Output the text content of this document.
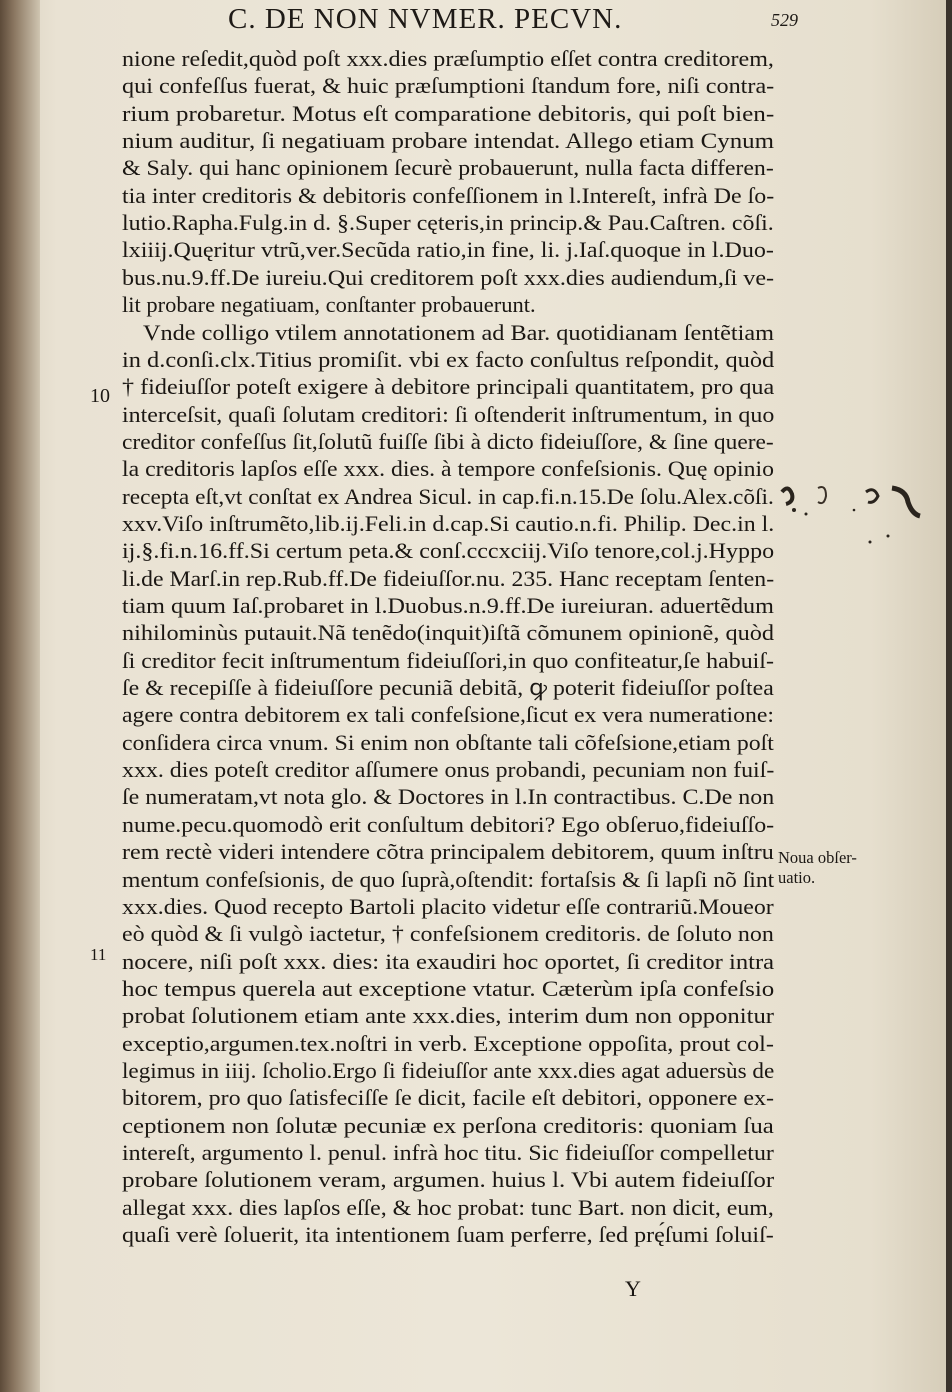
C. DE NON NVMER. PECVN.	529
nione reſedit,quòd poſt xxx.dies præſumptio eſſet contra creditorem,
qui confeſſus fuerat, & huic præſumptioni ſtandum fore, niſi contra-
rium probaretur. Motus eſt comparatione debitoris, qui poſt bien-
nium auditur, ſi negatiuam probare intendat. Allego etiam Cynum
& Saly. qui hanc opinionem ſecurè probauerunt, nulla facta differen-
tia inter creditoris & debitoris confeſſionem in l.Intereſt, infrà De ſo-
lutio.Rapha.Fulg.in d. §.Super cęteris,in princip.& Pau.Caſtren. cõſi.
lxiiij.Quęritur vtrũ,ver.Secũda ratio,in fine, li. j.Iaſ.quoque in l.Duo-
bus.nu.9.ff.De iureiu.Qui creditorem poſt xxx.dies audiendum,ſi ve-
lit probare negatiuam, conſtanter probauerunt.
Vnde colligo vtilem annotationem ad Bar. quotidianam ſentẽtiam
in d.conſi.clx.Titius promiſit. vbi ex facto conſultus reſpondit, quòd
† fideiuſſor poteſt exigere à debitore principali quantitatem, pro qua
interceſsit, quaſi ſolutam creditori: ſi oſtenderit inſtrumentum, in quo
creditor confeſſus ſit,ſolutũ fuiſſe ſibi à dicto fideiuſſore, & ſine quere-
la creditoris lapſos eſſe xxx. dies. à tempore confeſsionis. Quę opinio
recepta eſt,vt conſtat ex Andrea Sicul. in cap.fi.n.15.De ſolu.Alex.cõſi.
xxv.Viſo inſtrumẽto,lib.ij.Feli.in d.cap.Si cautio.n.fi. Philip. Dec.in l.
ij.§.fi.n.16.ff.Si certum peta.& conſ.cccxciij.Viſo tenore,col.j.Hyppo
li.de Marſ.in rep.Rub.ff.De fideiuſſor.nu. 235. Hanc receptam ſenten-
tiam quum Iaſ.probaret in l.Duobus.n.9.ff.De iureiuran. aduertẽdum
nihilominùs putauit.Nã tenẽdo(inquit)iſtã cõmunem opinionẽ, quòd
ſi creditor fecit inſtrumentum fideiuſſori,in quo confiteatur,ſe habuiſ-
ſe & recepiſſe à fideiuſſore pecuniã debitã, ꝙ poterit fideiuſſor poſtea
agere contra debitorem ex tali confeſsione,ſicut ex vera numeratione:
conſidera circa vnum. Si enim non obſtante tali cõfeſsione,etiam poſt
xxx. dies poteſt creditor aſſumere onus probandi, pecuniam non fuiſ-
ſe numeratam,vt nota glo. & Doctores in l.In contractibus. C.De non
nume.pecu.quomodò erit conſultum debitori? Ego obſeruo,fideiuſſo-
rem rectè videri intendere cõtra principalem debitorem, quum inſtru
mentum confeſsionis, de quo ſuprà,oſtendit: fortaſsis & ſi lapſi nõ ſint
xxx.dies. Quod recepto Bartoli placito videtur eſſe contrariũ.Moueor
eò quòd & ſi vulgò iactetur, † confeſsionem creditoris. de ſoluto non
nocere, niſi poſt xxx. dies: ita exaudiri hoc oportet, ſi creditor intra
hoc tempus querela aut exceptione vtatur. Cæterùm ipſa confeſsio
probat ſolutionem etiam ante xxx.dies, interim dum non opponitur
exceptio,argumen.tex.noſtri in verb. Exceptione oppoſita, prout col-
legimus in iiij. ſcholio.Ergo ſi fideiuſſor ante xxx.dies agat aduersùs de
bitorem, pro quo ſatisfeciſſe ſe dicit, facile eſt debitori, opponere ex-
ceptionem non ſolutæ pecuniæ ex perſona creditoris: quoniam ſua
intereſt, argumento l. penul. infrà hoc titu. Sic fideiuſſor compelletur
probare ſolutionem veram, argumen. huius l. Vbi autem fideiuſſor
allegat xxx. dies lapſos eſſe, & hoc probat: tunc Bart. non dicit, eum,
quaſi verè ſoluerit, ita intentionem ſuam perferre, ſed prę́ſumi ſoluiſ-
10
11
Noua obſer-
uatio.
Y
